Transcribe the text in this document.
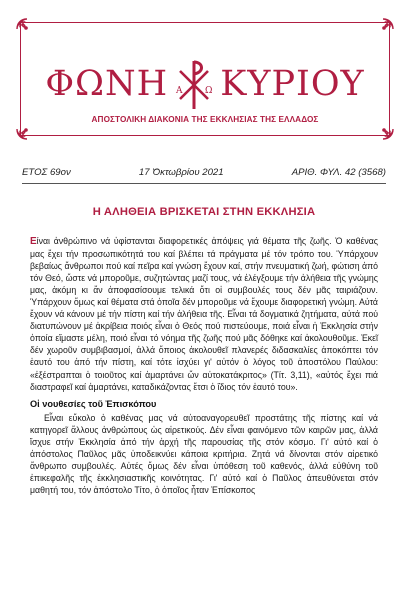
ΦΩΝΗ Α	Ω ΚΥΡΙΟΥ
ΑΠΟΣΤΟΛΙΚΗ ΔΙΑΚΟΝΙΑ ΤΗΣ ΕΚΚΛΗΣΙΑΣ ΤΗΣ ΕΛΛΑΔΟΣ
ΕΤΟΣ 69ον	17 Ὀκτωβρίου 2021	ΑΡΙΘ. ΦΥΛ. 42 (3568)
Η ΑΛΗΘΕΙΑ ΒΡΙΣΚΕΤΑΙ ΣΤΗΝ ΕΚΚΛΗΣΙΑ

Είναι ἀνθρώπινο νά ὑφίστανται διαφορετικές ἀπόψεις γιά θέματα τῆς ζωῆς. Ὁ καθένας μας ἔχει τήν προσωπικότητά του καί βλέπει τά πράγματα μέ τόν τρόπο του. Ὑπάρχουν βεβαίως ἄνθρωποι πού καί πεῖρα καί γνώση ἔχουν καί, στήν πνευματική ζωή, φώτιση ἀπό τόν Θεό, ὥστε νά μποροῦμε, συζητώντας μαζί τους, νά ἐλέγξουμε τήν ἀλήθεια τῆς γνώμης μας, ἀκόμη κι ἄν ἀποφασίσουμε τελικά ὅτι οἱ συμβουλές τους δέν μᾶς ταιριάζουν. Ὑπάρχουν ὅμως καί θέματα στά ὁποῖα δέν μποροῦμε νά ἔχουμε διαφορετική γνώμη. Αὐτά ἔχουν νά κάνουν μέ τήν πίστη καί τήν ἀλήθεια τῆς. Εἶναι τά δογματικά ζητήματα, αὐτά πού διατυπώνουν μέ ἀκρίβεια ποιός εἶναι ὁ Θεός πού πιστεύουμε, ποιά εἶναι ἡ Ἐκκλησία στήν ὁποία εἴμαστε μέλη, ποιό εἶναι τό νόημα τῆς ζωῆς πού μᾶς δόθηκε καί ἀκολουθοῦμε. Ἐκεῖ δέν χωροῦν συμβιβασμοί, ἀλλά ὅποιος ἀκολουθεῖ πλανερές διδασκαλίες ἀποκόπτει τόν ἑαυτό του ἀπό τήν πίστη, καί τότε ἰσχύει γι' αὐτόν ὁ λόγος τοῦ ἀποστόλου Παύλου: «ἐξέστραπται ὁ τοιοῦτος καί ἁμαρτάνει ὤν αὐτοκατάκριτος» (Τίτ. 3,11), «αὐτός ἔχει πιά διαστραφεῖ καί ἁμαρτάνει, καταδικάζοντας ἔτσι ὁ ἴδιος τόν ἑαυτό του».

Οἱ νουθεσίες τοῦ Ἐπισκόπου

Εἶναι εὔκολο ὁ καθένας μας νά αὐτοαναγορευθεῖ προστάτης τῆς πίστης καί νά κατηγορεῖ ἄλλους ἀνθρώπους ὡς αἱρετικούς. Δέν εἶναι φαινόμενο τῶν καιρῶν μας, ἀλλά ἴσχυε στήν Ἐκκλησία ἀπό τήν ἀρχή τῆς παρουσίας τῆς στόν κόσμο. Γι' αὐτό καί ὁ ἀπόστολος Παῦλος μᾶς ὑποδεικνύει κάποια κριτήρια. Ζητά νά δίνονται στόν αἱρετικό ἄνθρωπο συμβουλές. Αὐτές ὅμως δέν εἶναι ὑπόθεση τοῦ καθενός, ἀλλά εὐθύνη τοῦ ἐπικεφαλῆς τῆς ἐκκλησιαστικῆς κοινότητας. Γι' αὐτό καί ὁ Παῦλος ἀπευθύνεται στόν μαθητή του, τόν ἀπόστολο Τίτο, ὁ ὁποῖος ἦταν Ἐπίσκοπος
